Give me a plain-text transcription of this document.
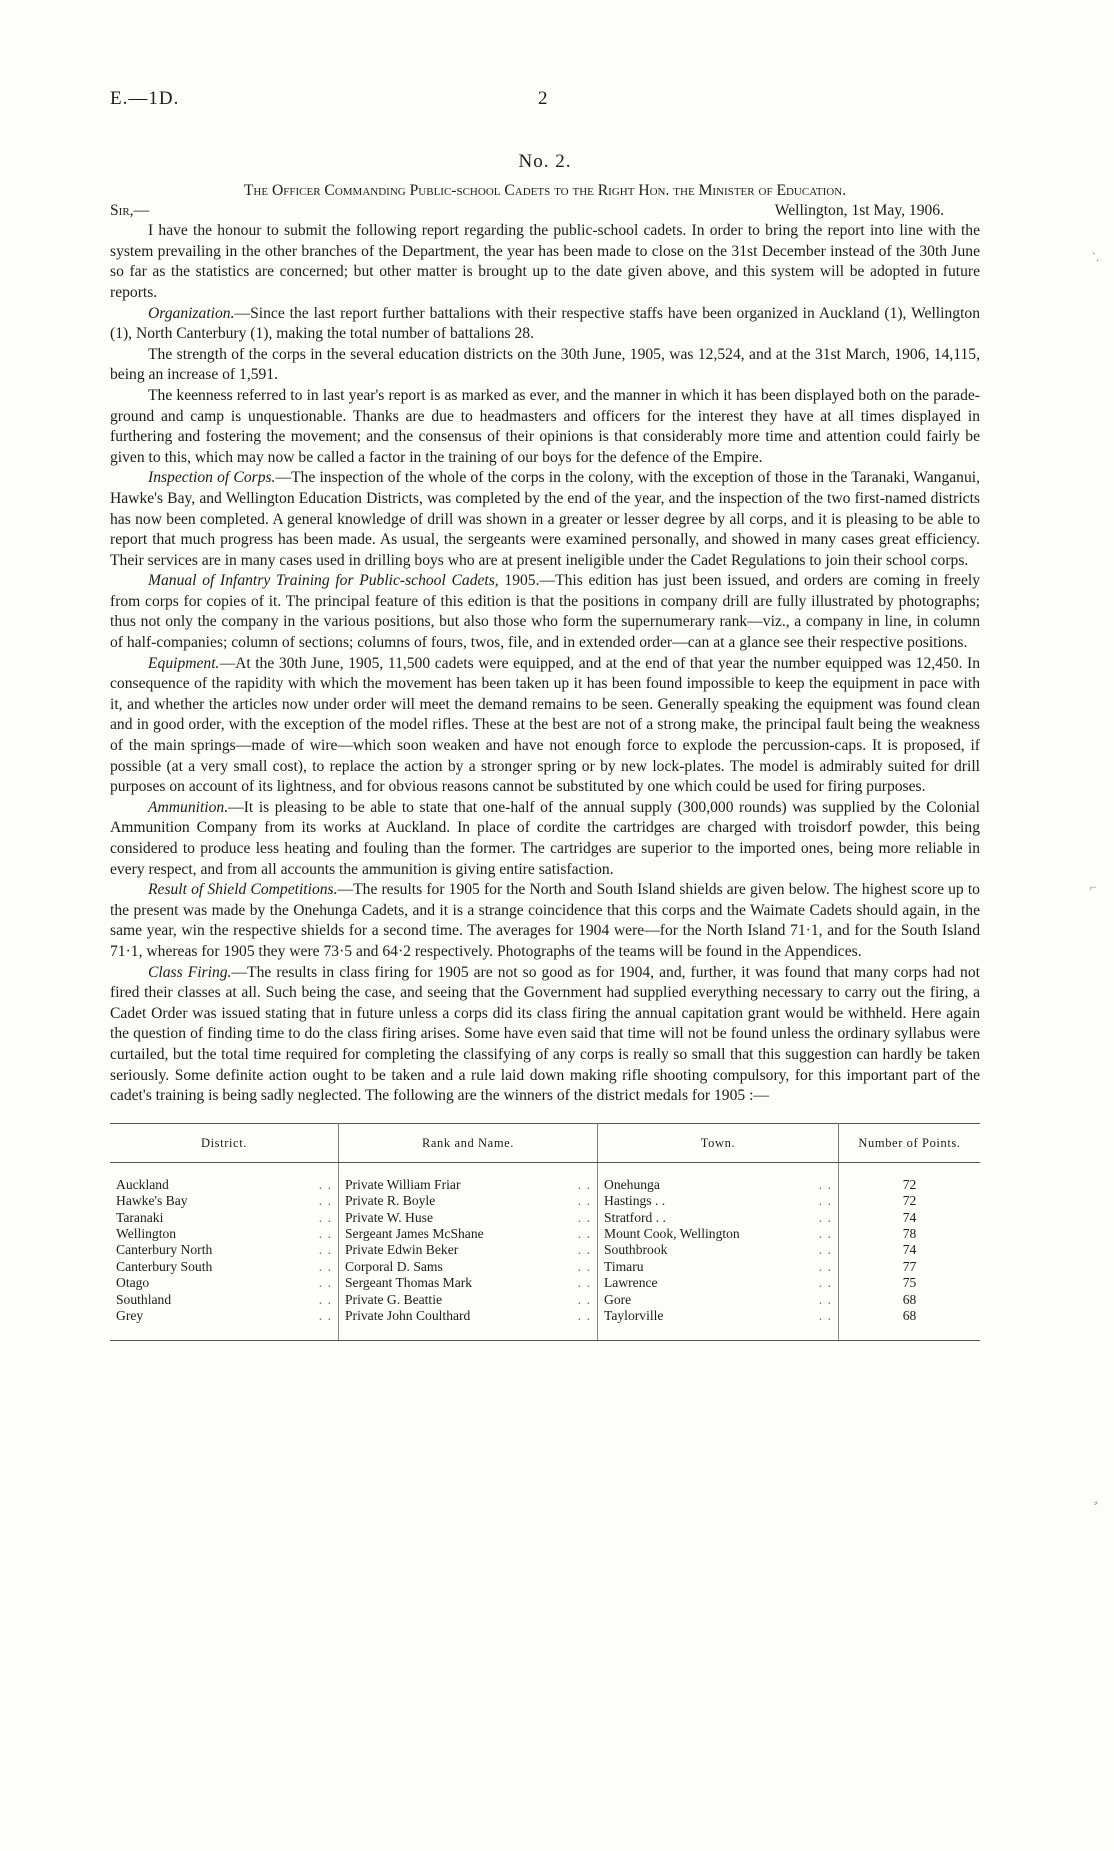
E.—1D.	2
No. 2.
The Officer Commanding Public-school Cadets to the Right Hon. the Minister of Education.
Sir,—	Wellington, 1st May, 1906.

I have the honour to submit the following report regarding the public-school cadets. In order to bring the report into line with the system prevailing in the other branches of the Department, the year has been made to close on the 31st December instead of the 30th June so far as the statistics are concerned; but other matter is brought up to the date given above, and this system will be adopted in future reports.

Organization.—Since the last report further battalions with their respective staffs have been organized in Auckland (1), Wellington (1), North Canterbury (1), making the total number of battalions 28.

The strength of the corps in the several education districts on the 30th June, 1905, was 12,524, and at the 31st March, 1906, 14,115, being an increase of 1,591.

The keenness referred to in last year's report is as marked as ever, and the manner in which it has been displayed both on the parade-ground and camp is unquestionable. Thanks are due to headmasters and officers for the interest they have at all times displayed in furthering and fostering the movement; and the consensus of their opinions is that considerably more time and attention could fairly be given to this, which may now be called a factor in the training of our boys for the defence of the Empire.

Inspection of Corps.—The inspection of the whole of the corps in the colony, with the exception of those in the Taranaki, Wanganui, Hawke's Bay, and Wellington Education Districts, was completed by the end of the year, and the inspection of the two first-named districts has now been completed. A general knowledge of drill was shown in a greater or lesser degree by all corps, and it is pleasing to be able to report that much progress has been made. As usual, the sergeants were examined personally, and showed in many cases great efficiency. Their services are in many cases used in drilling boys who are at present ineligible under the Cadet Regulations to join their school corps.

Manual of Infantry Training for Public-school Cadets, 1905.—This edition has just been issued, and orders are coming in freely from corps for copies of it. The principal feature of this edition is that the positions in company drill are fully illustrated by photographs; thus not only the company in the various positions, but also those who form the supernumerary rank—viz., a company in line, in column of half-companies; column of sections; columns of fours, twos, file, and in extended order—can at a glance see their respective positions.

Equipment.—At the 30th June, 1905, 11,500 cadets were equipped, and at the end of that year the number equipped was 12,450. In consequence of the rapidity with which the movement has been taken up it has been found impossible to keep the equipment in pace with it, and whether the articles now under order will meet the demand remains to be seen. Generally speaking the equipment was found clean and in good order, with the exception of the model rifles. These at the best are not of a strong make, the principal fault being the weakness of the main springs—made of wire—which soon weaken and have not enough force to explode the percussion-caps. It is proposed, if possible (at a very small cost), to replace the action by a stronger spring or by new lock-plates. The model is admirably suited for drill purposes on account of its lightness, and for obvious reasons cannot be substituted by one which could be used for firing purposes.

Ammunition.—It is pleasing to be able to state that one-half of the annual supply (300,000 rounds) was supplied by the Colonial Ammunition Company from its works at Auckland. In place of cordite the cartridges are charged with troisdorf powder, this being considered to produce less heating and fouling than the former. The cartridges are superior to the imported ones, being more reliable in every respect, and from all accounts the ammunition is giving entire satisfaction.

Result of Shield Competitions.—The results for 1905 for the North and South Island shields are given below. The highest score up to the present was made by the Onehunga Cadets, and it is a strange coincidence that this corps and the Waimate Cadets should again, in the same year, win the respective shields for a second time. The averages for 1904 were—for the North Island 71·1, and for the South Island 71·1, whereas for 1905 they were 73·5 and 64·2 respectively. Photographs of the teams will be found in the Appendices.

Class Firing.—The results in class firing for 1905 are not so good as for 1904, and, further, it was found that many corps had not fired their classes at all. Such being the case, and seeing that the Government had supplied everything necessary to carry out the firing, a Cadet Order was issued stating that in future unless a corps did its class firing the annual capitation grant would be withheld. Here again the question of finding time to do the class firing arises. Some have even said that time will not be found unless the ordinary syllabus were curtailed, but the total time required for completing the classifying of any corps is really so small that this suggestion can hardly be taken seriously. Some definite action ought to be taken and a rule laid down making rifle shooting compulsory, for this important part of the cadet's training is being sadly neglected. The following are the winners of the district medals for 1905 :—

District.	Rank and Name.	Town.	Number of Points.

Auckland . .	Private William Friar . .	Onehunga . .	72

Hawke's Bay . .	Private R. Boyle . .	Hastings . . . .	72

Taranaki . .	Private W. Huse . .	Stratford . . . .	74

Wellington . .	Sergeant James McShane . .	Mount Cook, Wellington . .	78

Canterbury North . .	Private Edwin Beker . .	Southbrook . .	74

Canterbury South . .	Corporal D. Sams . .	Timaru . .	77

Otago . .	Sergeant Thomas Mark . .	Lawrence . .	75

Southland . .	Private G. Beattie . .	Gore . .	68

Grey . .	Private John Coulthard . .	Taylorville . .	68
`.
⌐
⸗
